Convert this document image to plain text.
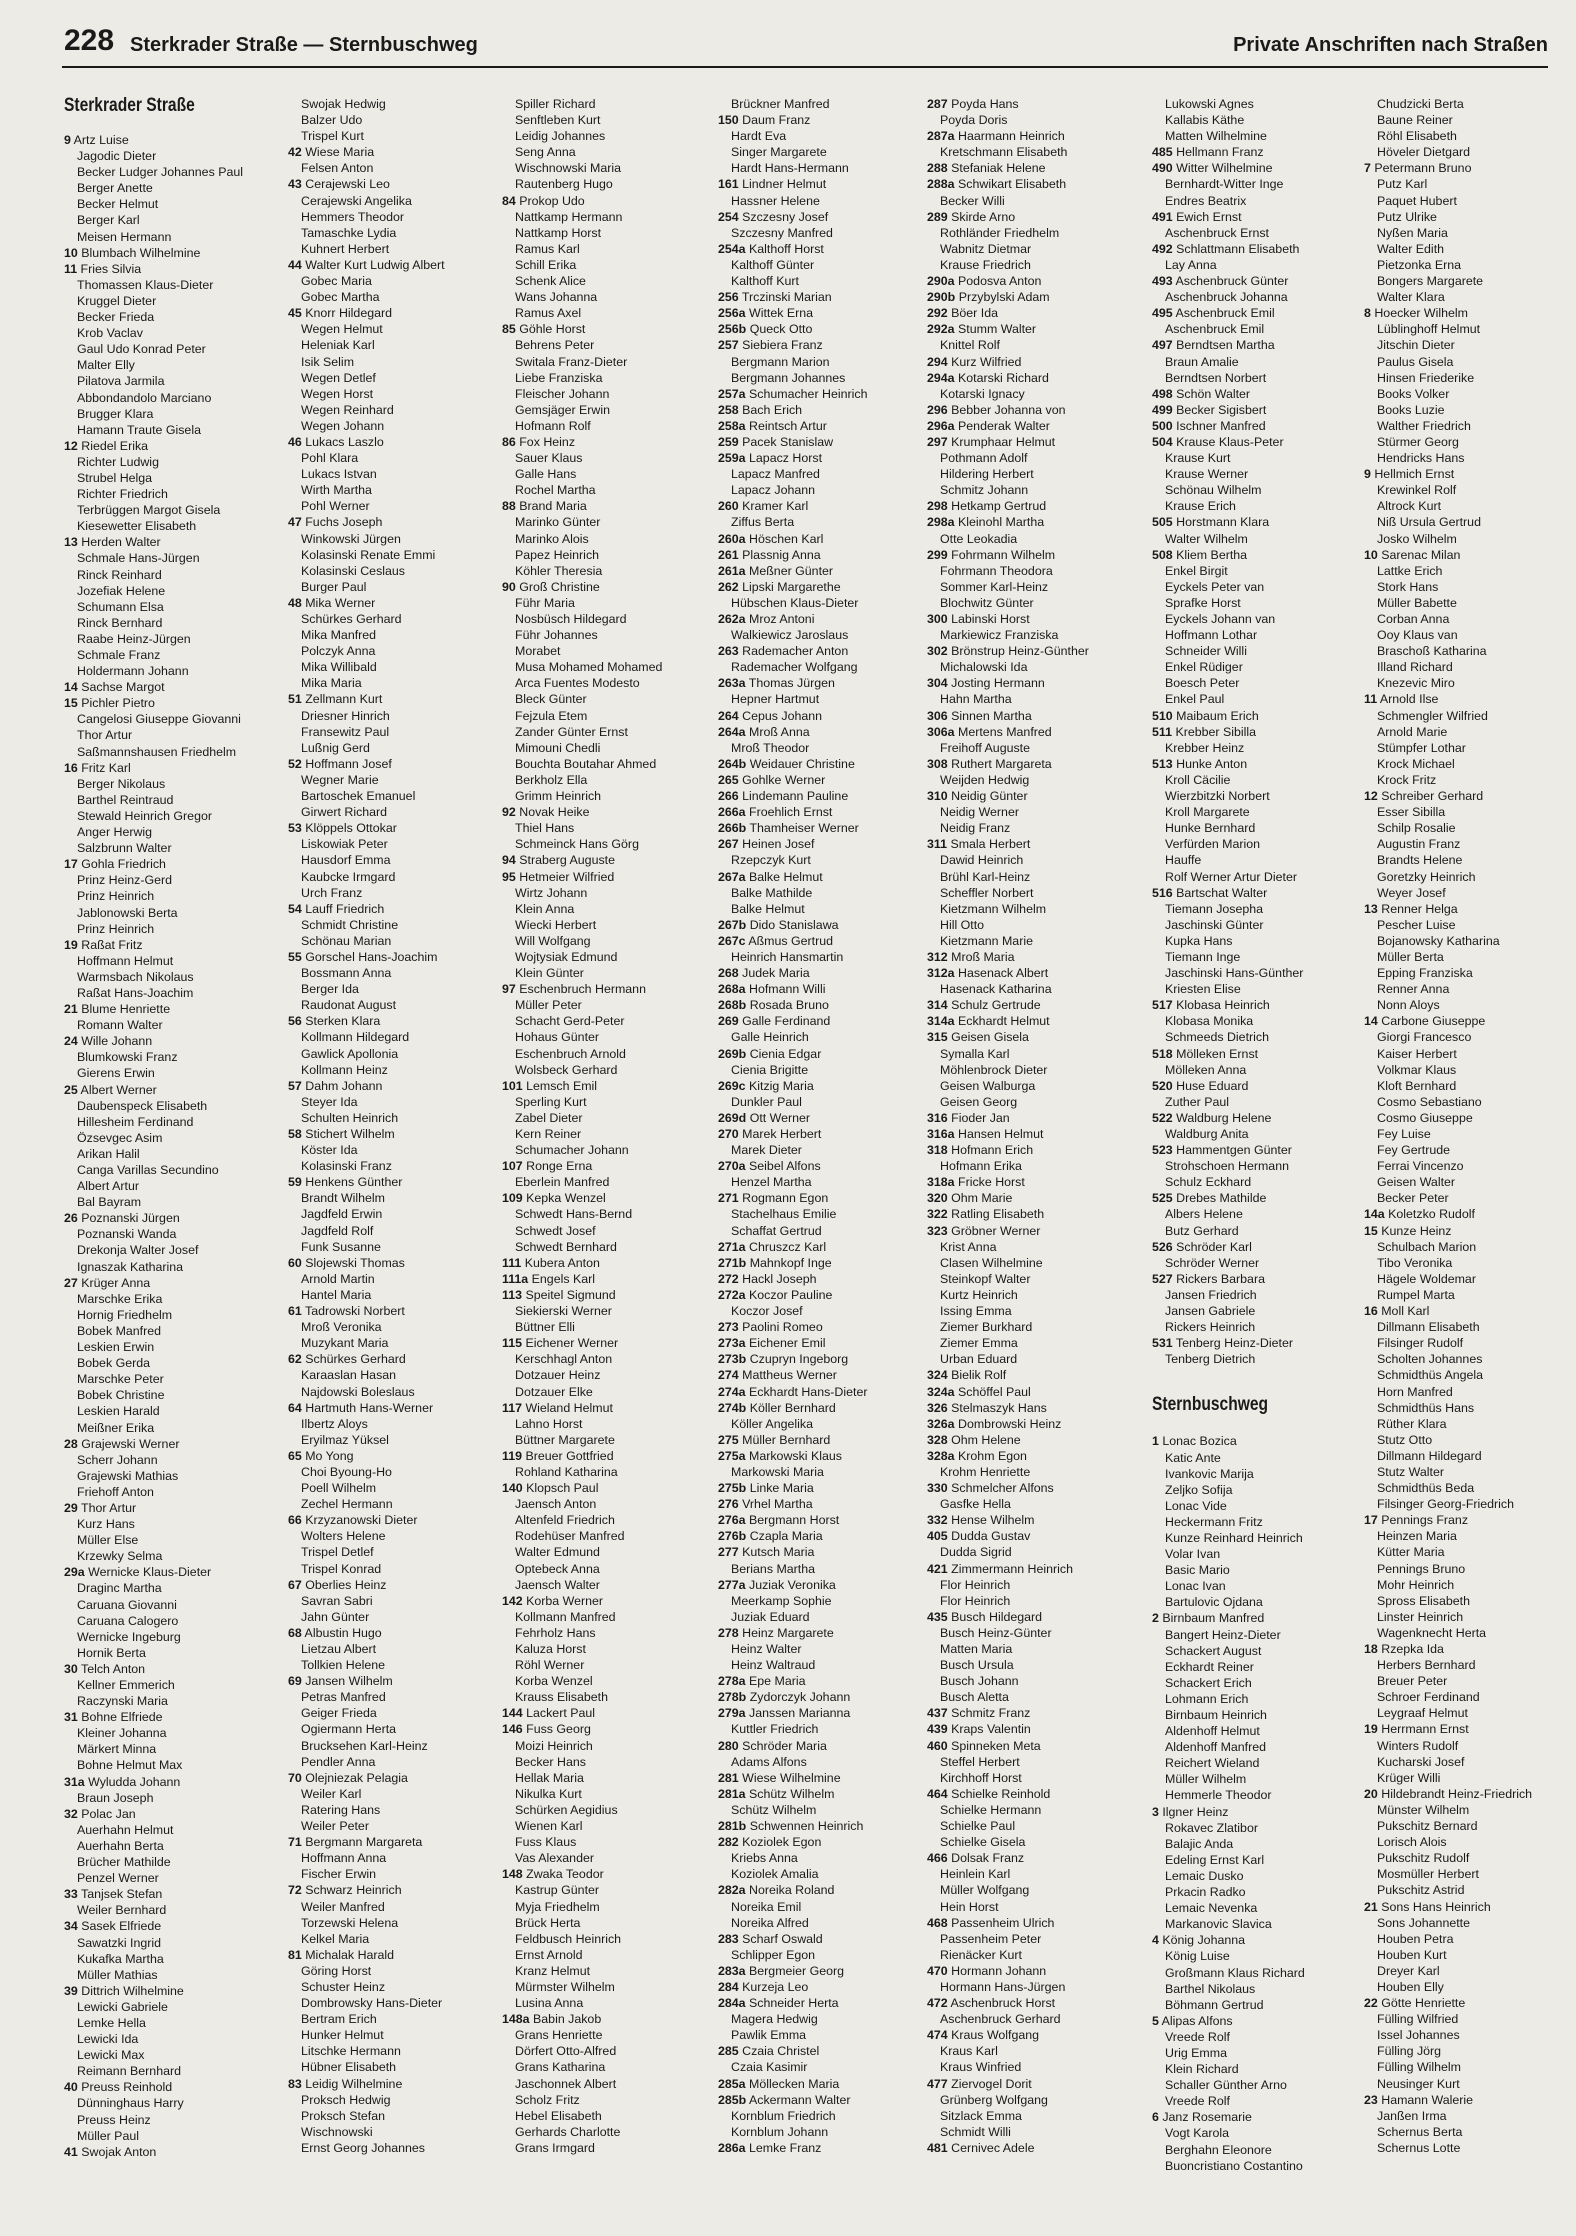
228 Sterkrader Straße — Sternbuschweg	Private Anschriften nach Straßen
Sterkrader Straße
9 Artz Luise
Jagodic Dieter
Becker Ludger Johannes Paul
Berger Anette
Becker Helmut
Berger Karl
Meisen Hermann
10 Blumbach Wilhelmine
11 Fries Silvia
Thomassen Klaus-Dieter
Kruggel Dieter
Becker Frieda
Krob Vaclav
Gaul Udo Konrad Peter
Malter Elly
Pilatova Jarmila
Abbondandolo Marciano
Brugger Klara
Hamann Traute Gisela
12 Riedel Erika
Richter Ludwig
Strubel Helga
Richter Friedrich
Terbrüggen Margot Gisela
Kiesewetter Elisabeth
13 Herden Walter
Schmale Hans-Jürgen
Rinck Reinhard
Jozefiak Helene
Schumann Elsa
Rinck Bernhard
Raabe Heinz-Jürgen
Schmale Franz
Holdermann Johann
14 Sachse Margot
15 Pichler Pietro
Cangelosi Giuseppe Giovanni
Thor Artur
Saßmannshausen Friedhelm
16 Fritz Karl
Berger Nikolaus
Barthel Reintraud
Stewald Heinrich Gregor
Anger Herwig
Salzbrunn Walter
17 Gohla Friedrich
Prinz Heinz-Gerd
Prinz Heinrich
Jablonowski Berta
Prinz Heinrich
19 Raßat Fritz
Hoffmann Helmut
Warmsbach Nikolaus
Raßat Hans-Joachim
21 Blume Henriette
Romann Walter
24 Wille Johann
Blumkowski Franz
Gierens Erwin
25 Albert Werner
Daubenspeck Elisabeth
Hillesheim Ferdinand
Özsevgec Asim
Arikan Halil
Canga Varillas Secundino
Albert Artur
Bal Bayram
26 Poznanski Jürgen
Poznanski Wanda
Drekonja Walter Josef
Ignaszak Katharina
27 Krüger Anna
Marschke Erika
Hornig Friedhelm
Bobek Manfred
Leskien Erwin
Bobek Gerda
Marschke Peter
Bobek Christine
Leskien Harald
Meißner Erika
28 Grajewski Werner
Scherr Johann
Grajewski Mathias
Friehoff Anton
29 Thor Artur
Kurz Hans
Müller Else
Krzewky Selma
29a Wernicke Klaus-Dieter
Draginc Martha
Caruana Giovanni
Caruana Calogero
Wernicke Ingeburg
Hornik Berta
30 Telch Anton
Kellner Emmerich
Raczynski Maria
31 Bohne Elfriede
Kleiner Johanna
Märkert Minna
Bohne Helmut Max
31a Wyludda Johann
Braun Joseph
32 Polac Jan
Auerhahn Helmut
Auerhahn Berta
Brücher Mathilde
Penzel Werner
33 Tanjsek Stefan
Weiler Bernhard
34 Sasek Elfriede
Sawatzki Ingrid
Kukafka Martha
Müller Mathias
39 Dittrich Wilhelmine
Lewicki Gabriele
Lemke Hella
Lewicki Ida
Lewicki Max
Reimann Bernhard
40 Preuss Reinhold
Dünninghaus Harry
Preuss Heinz
Müller Paul
41 Swojak Anton
Swojak Hedwig
Balzer Udo
Trispel Kurt
42 Wiese Maria
Felsen Anton
43 Cerajewski Leo
Cerajewski Angelika
Hemmers Theodor
Tamaschke Lydia
Kuhnert Herbert
44 Walter Kurt Ludwig Albert
Gobec Maria
Gobec Martha
45 Knorr Hildegard
Wegen Helmut
Heleniak Karl
Isik Selim
Wegen Detlef
Wegen Horst
Wegen Reinhard
Wegen Johann
46 Lukacs Laszlo
Pohl Klara
Lukacs Istvan
Wirth Martha
Pohl Werner
47 Fuchs Joseph
Winkowski Jürgen
Kolasinski Renate Emmi
Kolasinski Ceslaus
Burger Paul
48 Mika Werner
Schürkes Gerhard
Mika Manfred
Polczyk Anna
Mika Willibald
Mika Maria
51 Zellmann Kurt
Driesner Hinrich
Fransewitz Paul
Lußnig Gerd
52 Hoffmann Josef
Wegner Marie
Bartoschek Emanuel
Girwert Richard
53 Klöppels Ottokar
Liskowiak Peter
Hausdorf Emma
Kaubcke Irmgard
Urch Franz
54 Lauff Friedrich
Schmidt Christine
Schönau Marian
55 Gorschel Hans-Joachim
Bossmann Anna
Berger Ida
Raudonat August
56 Sterken Klara
Kollmann Hildegard
Gawlick Apollonia
Kollmann Heinz
57 Dahm Johann
Steyer Ida
Schulten Heinrich
58 Stichert Wilhelm
Köster Ida
Kolasinski Franz
59 Henkens Günther
Brandt Wilhelm
Jagdfeld Erwin
Jagdfeld Rolf
Funk Susanne
60 Slojewski Thomas
Arnold Martin
Hantel Maria
61 Tadrowski Norbert
Mroß Veronika
Muzykant Maria
62 Schürkes Gerhard
Karaaslan Hasan
Najdowski Boleslaus
64 Hartmuth Hans-Werner
Ilbertz Aloys
Eryilmaz Yüksel
65 Mo Yong
Choi Byoung-Ho
Poell Wilhelm
Zechel Hermann
66 Krzyzanowski Dieter
Wolters Helene
Trispel Detlef
Trispel Konrad
67 Oberlies Heinz
Savran Sabri
Jahn Günter
68 Albustin Hugo
Lietzau Albert
Tollkien Helene
69 Jansen Wilhelm
Petras Manfred
Geiger Frieda
Ogiermann Herta
Brucksehen Karl-Heinz
Pendler Anna
70 Olejniezak Pelagia
Weiler Karl
Ratering Hans
Weiler Peter
71 Bergmann Margareta
Hoffmann Anna
Fischer Erwin
72 Schwarz Heinrich
Weiler Manfred
Torzewski Helena
Kelkel Maria
81 Michalak Harald
Göring Horst
Schuster Heinz
Dombrowsky Hans-Dieter
Bertram Erich
Hunker Helmut
Litschke Hermann
Hübner Elisabeth
83 Leidig Wilhelmine
Proksch Hedwig
Proksch Stefan
Wischnowski
Ernst Georg Johannes
Spiller Richard
Senftleben Kurt
Leidig Johannes
Seng Anna
Wischnowski Maria
Rautenberg Hugo
84 Prokop Udo
Nattkamp Hermann
Nattkamp Horst
Ramus Karl
Schill Erika
Schenk Alice
Wans Johanna
Ramus Axel
85 Göhle Horst
Behrens Peter
Switala Franz-Dieter
Liebe Franziska
Fleischer Johann
Gemsjäger Erwin
Hofmann Rolf
86 Fox Heinz
Sauer Klaus
Galle Hans
Rochel Martha
88 Brand Maria
Marinko Günter
Marinko Alois
Papez Heinrich
Köhler Theresia
90 Groß Christine
Führ Maria
Nosbüsch Hildegard
Führ Johannes
Morabet
Musa Mohamed Mohamed
Arca Fuentes Modesto
Bleck Günter
Fejzula Etem
Zander Günter Ernst
Mimouni Chedli
Bouchta Boutahar Ahmed
Berkholz Ella
Grimm Heinrich
92 Novak Heike
Thiel Hans
Schmeinck Hans Görg
94 Straberg Auguste
95 Hetmeier Wilfried
Wirtz Johann
Klein Anna
Wiecki Herbert
Will Wolfgang
Wojtysiak Edmund
Klein Günter
97 Eschenbruch Hermann
Müller Peter
Schacht Gerd-Peter
Hohaus Günter
Eschenbruch Arnold
Wolsbeck Gerhard
101 Lemsch Emil
Sperling Kurt
Zabel Dieter
Kern Reiner
Schumacher Johann
107 Ronge Erna
Eberlein Manfred
109 Kepka Wenzel
Schwedt Hans-Bernd
Schwedt Josef
Schwedt Bernhard
111 Kubera Anton
111a Engels Karl
113 Speitel Sigmund
Siekierski Werner
Büttner Elli
115 Eichener Werner
Kerschhagl Anton
Dotzauer Heinz
Dotzauer Elke
117 Wieland Helmut
Lahno Horst
Büttner Margarete
119 Breuer Gottfried
Rohland Katharina
140 Klopsch Paul
Jaensch Anton
Altenfeld Friedrich
Rodehüser Manfred
Walter Edmund
Optebeck Anna
Jaensch Walter
142 Korba Werner
Kollmann Manfred
Fehrholz Hans
Kaluza Horst
Röhl Werner
Korba Wenzel
Krauss Elisabeth
144 Lackert Paul
146 Fuss Georg
Moizi Heinrich
Becker Hans
Hellak Maria
Nikulka Kurt
Schürken Aegidius
Wienen Karl
Fuss Klaus
Vas Alexander
148 Zwaka Teodor
Kastrup Günter
Myja Friedhelm
Brück Herta
Feldbusch Heinrich
Ernst Arnold
Kranz Helmut
Mürmster Wilhelm
Lusina Anna
148a Babin Jakob
Grans Henriette
Dörfert Otto-Alfred
Grans Katharina
Jaschonnek Albert
Scholz Fritz
Hebel Elisabeth
Gerhards Charlotte
Grans Irmgard
Brückner Manfred
150 Daum Franz
Hardt Eva
Singer Margarete
Hardt Hans-Hermann
161 Lindner Helmut
Hassner Helene
254 Szczesny Josef
Szczesny Manfred
254a Kalthoff Horst
Kalthoff Günter
Kalthoff Kurt
256 Trczinski Marian
256a Wittek Erna
256b Queck Otto
257 Siebiera Franz
Bergmann Marion
Bergmann Johannes
257a Schumacher Heinrich
258 Bach Erich
258a Reintsch Artur
259 Pacek Stanislaw
259a Lapacz Horst
Lapacz Manfred
Lapacz Johann
260 Kramer Karl
Ziffus Berta
260a Höschen Karl
261 Plassnig Anna
261a Meßner Günter
262 Lipski Margarethe
Hübschen Klaus-Dieter
262a Mroz Antoni
Walkiewicz Jaroslaus
263 Rademacher Anton
Rademacher Wolfgang
263a Thomas Jürgen
Hepner Hartmut
264 Cepus Johann
264a Mroß Anna
Mroß Theodor
264b Weidauer Christine
265 Gohlke Werner
266 Lindemann Pauline
266a Froehlich Ernst
266b Thamheiser Werner
267 Heinen Josef
Rzepczyk Kurt
267a Balke Helmut
Balke Mathilde
Balke Helmut
267b Dido Stanislawa
267c Aßmus Gertrud
Heinrich Hansmartin
268 Judek Maria
268a Hofmann Willi
268b Rosada Bruno
269 Galle Ferdinand
Galle Heinrich
269b Cienia Edgar
Cienia Brigitte
269c Kitzig Maria
Dunkler Paul
269d Ott Werner
270 Marek Herbert
Marek Dieter
270a Seibel Alfons
Henzel Martha
271 Rogmann Egon
Stachelhaus Emilie
Schaffat Gertrud
271a Chruszcz Karl
271b Mahnkopf Inge
272 Hackl Joseph
272a Koczor Pauline
Koczor Josef
273 Paolini Romeo
273a Eichener Emil
273b Czupryn Ingeborg
274 Mattheus Werner
274a Eckhardt Hans-Dieter
274b Köller Bernhard
Köller Angelika
275 Müller Bernhard
275a Markowski Klaus
Markowski Maria
275b Linke Maria
276 Vrhel Martha
276a Bergmann Horst
276b Czapla Maria
277 Kutsch Maria
Berians Martha
277a Juziak Veronika
Meerkamp Sophie
Juziak Eduard
278 Heinz Margarete
Heinz Walter
Heinz Waltraud
278a Epe Maria
278b Zydorczyk Johann
279a Janssen Marianna
Kuttler Friedrich
280 Schröder Maria
Adams Alfons
281 Wiese Wilhelmine
281a Schütz Wilhelm
Schütz Wilhelm
281b Schwennen Heinrich
282 Koziolek Egon
Kriebs Anna
Koziolek Amalia
282a Noreika Roland
Noreika Emil
Noreika Alfred
283 Scharf Oswald
Schlipper Egon
283a Bergmeier Georg
284 Kurzeja Leo
284a Schneider Herta
Magera Hedwig
Pawlik Emma
285 Czaia Christel
Czaia Kasimir
285a Möllecken Maria
285b Ackermann Walter
Kornblum Friedrich
Kornblum Johann
286a Lemke Franz
287 Poyda Hans
Poyda Doris
287a Haarmann Heinrich
Kretschmann Elisabeth
288 Stefaniak Helene
288a Schwikart Elisabeth
Becker Willi
289 Skirde Arno
Rothländer Friedhelm
Wabnitz Dietmar
Krause Friedrich
290a Podosva Anton
290b Przybylski Adam
292 Böer Ida
292a Stumm Walter
Knittel Rolf
294 Kurz Wilfried
294a Kotarski Richard
Kotarski Ignacy
296 Bebber Johanna von
296a Penderak Walter
297 Krumphaar Helmut
Pothmann Adolf
Hildering Herbert
Schmitz Johann
298 Hetkamp Gertrud
298a Kleinohl Martha
Otte Leokadia
299 Fohrmann Wilhelm
Fohrmann Theodora
Sommer Karl-Heinz
Blochwitz Günter
300 Labinski Horst
Markiewicz Franziska
302 Brönstrup Heinz-Günther
Michalowski Ida
304 Josting Hermann
Hahn Martha
306 Sinnen Martha
306a Mertens Manfred
Freihoff Auguste
308 Ruthert Margareta
Weijden Hedwig
310 Neidig Günter
Neidig Werner
Neidig Franz
311 Smala Herbert
Dawid Heinrich
Brühl Karl-Heinz
Scheffler Norbert
Kietzmann Wilhelm
Hill Otto
Kietzmann Marie
312 Mroß Maria
312a Hasenack Albert
Hasenack Katharina
314 Schulz Gertrude
314a Eckhardt Helmut
315 Geisen Gisela
Symalla Karl
Möhlenbrock Dieter
Geisen Walburga
Geisen Georg
316 Fioder Jan
316a Hansen Helmut
318 Hofmann Erich
Hofmann Erika
318a Fricke Horst
320 Ohm Marie
322 Ratling Elisabeth
323 Gröbner Werner
Krist Anna
Clasen Wilhelmine
Steinkopf Walter
Kurtz Heinrich
Issing Emma
Ziemer Burkhard
Ziemer Emma
Urban Eduard
324 Bielik Rolf
324a Schöffel Paul
326 Stelmaszyk Hans
326a Dombrowski Heinz
328 Ohm Helene
328a Krohm Egon
Krohm Henriette
330 Schmelcher Alfons
Gasfke Hella
332 Hense Wilhelm
405 Dudda Gustav
Dudda Sigrid
421 Zimmermann Heinrich
Flor Heinrich
Flor Heinrich
435 Busch Hildegard
Busch Heinz-Günter
Matten Maria
Busch Ursula
Busch Johann
Busch Aletta
437 Schmitz Franz
439 Kraps Valentin
460 Spinneken Meta
Steffel Herbert
Kirchhoff Horst
464 Schielke Reinhold
Schielke Hermann
Schielke Paul
Schielke Gisela
466 Dolsak Franz
Heinlein Karl
Müller Wolfgang
Hein Horst
468 Passenheim Ulrich
Passenheim Peter
Rienäcker Kurt
470 Hormann Johann
Hormann Hans-Jürgen
472 Aschenbruck Horst
Aschenbruck Gerhard
474 Kraus Wolfgang
Kraus Karl
Kraus Winfried
477 Ziervogel Dorit
Grünberg Wolfgang
Sitzlack Emma
Schmidt Willi
481 Cernivec Adele
Lukowski Agnes
Kallabis Käthe
Matten Wilhelmine
485 Hellmann Franz
490 Witter Wilhelmine
Bernhardt-Witter Inge
Endres Beatrix
491 Ewich Ernst
Aschenbruck Ernst
492 Schlattmann Elisabeth
Lay Anna
493 Aschenbruck Günter
Aschenbruck Johanna
495 Aschenbruck Emil
Aschenbruck Emil
497 Berndtsen Martha
Braun Amalie
Berndtsen Norbert
498 Schön Walter
499 Becker Sigisbert
500 Ischner Manfred
504 Krause Klaus-Peter
Krause Kurt
Krause Werner
Schönau Wilhelm
Krause Erich
505 Horstmann Klara
Walter Wilhelm
508 Kliem Bertha
Enkel Birgit
Eyckels Peter van
Sprafke Horst
Eyckels Johann van
Hoffmann Lothar
Schneider Willi
Enkel Rüdiger
Boesch Peter
Enkel Paul
510 Maibaum Erich
511 Krebber Sibilla
Krebber Heinz
513 Hunke Anton
Kroll Cäcilie
Wierzbitzki Norbert
Kroll Margarete
Hunke Bernhard
Verfürden Marion
Hauffe
Rolf Werner Artur Dieter
516 Bartschat Walter
Tiemann Josepha
Jaschinski Günter
Kupka Hans
Tiemann Inge
Jaschinski Hans-Günther
Kriesten Elise
517 Klobasa Heinrich
Klobasa Monika
Schmeeds Dietrich
518 Mölleken Ernst
Mölleken Anna
520 Huse Eduard
Zuther Paul
522 Waldburg Helene
Waldburg Anita
523 Hammentgen Günter
Strohschoen Hermann
Schulz Eckhard
525 Drebes Mathilde
Albers Helene
Butz Gerhard
526 Schröder Karl
Schröder Werner
527 Rickers Barbara
Jansen Friedrich
Jansen Gabriele
Rickers Heinrich
531 Tenberg Heinz-Dieter
Tenberg Dietrich
Sternbuschweg
1 Lonac Bozica
Katic Ante
Ivankovic Marija
Zeljko Sofija
Lonac Vide
Heckermann Fritz
Kunze Reinhard Heinrich
Volar Ivan
Basic Mario
Lonac Ivan
Bartulovic Ojdana
2 Birnbaum Manfred
Bangert Heinz-Dieter
Schackert August
Eckhardt Reiner
Schackert Erich
Lohmann Erich
Birnbaum Heinrich
Aldenhoff Helmut
Aldenhoff Manfred
Reichert Wieland
Müller Wilhelm
Hemmerle Theodor
3 Ilgner Heinz
Rokavec Zlatibor
Balajic Anda
Edeling Ernst Karl
Lemaic Dusko
Prkacin Radko
Lemaic Nevenka
Markanovic Slavica
4 König Johanna
König Luise
Großmann Klaus Richard
Barthel Nikolaus
Böhmann Gertrud
5 Alipas Alfons
Vreede Rolf
Urig Emma
Klein Richard
Schaller Günther Arno
Vreede Rolf
6 Janz Rosemarie
Vogt Karola
Berghahn Eleonore
Buoncristiano Costantino
Chudzicki Berta
Baune Reiner
Röhl Elisabeth
Höveler Dietgard
7 Petermann Bruno
Putz Karl
Paquet Hubert
Putz Ulrike
Nyßen Maria
Walter Edith
Pietzonka Erna
Bongers Margarete
Walter Klara
8 Hoecker Wilhelm
Lüblinghoff Helmut
Jitschin Dieter
Paulus Gisela
Hinsen Friederike
Books Volker
Books Luzie
Walther Friedrich
Stürmer Georg
Hendricks Hans
9 Hellmich Ernst
Krewinkel Rolf
Altrock Kurt
Niß Ursula Gertrud
Josko Wilhelm
10 Sarenac Milan
Lattke Erich
Stork Hans
Müller Babette
Corban Anna
Ooy Klaus van
Braschoß Katharina
Illand Richard
Knezevic Miro
11 Arnold Ilse
Schmengler Wilfried
Arnold Marie
Stümpfer Lothar
Krock Michael
Krock Fritz
12 Schreiber Gerhard
Esser Sibilla
Schilp Rosalie
Augustin Franz
Brandts Helene
Goretzky Heinrich
Weyer Josef
13 Renner Helga
Pescher Luise
Bojanowsky Katharina
Müller Berta
Epping Franziska
Renner Anna
Nonn Aloys
14 Carbone Giuseppe
Giorgi Francesco
Kaiser Herbert
Volkmar Klaus
Kloft Bernhard
Cosmo Sebastiano
Cosmo Giuseppe
Fey Luise
Fey Gertrude
Ferrai Vincenzo
Geisen Walter
Becker Peter
14a Koletzko Rudolf
15 Kunze Heinz
Schulbach Marion
Tibo Veronika
Hägele Woldemar
Rumpel Marta
16 Moll Karl
Dillmann Elisabeth
Filsinger Rudolf
Scholten Johannes
Schmidthüs Angela
Horn Manfred
Schmidthüs Hans
Rüther Klara
Stutz Otto
Dillmann Hildegard
Stutz Walter
Schmidthüs Beda
Filsinger Georg-Friedrich
17 Pennings Franz
Heinzen Maria
Kütter Maria
Pennings Bruno
Mohr Heinrich
Spross Elisabeth
Linster Heinrich
Wagenknecht Herta
18 Rzepka Ida
Herbers Bernhard
Breuer Peter
Schroer Ferdinand
Leygraaf Helmut
19 Herrmann Ernst
Winters Rudolf
Kucharski Josef
Krüger Willi
20 Hildebrandt Heinz-Friedrich
Münster Wilhelm
Pukschitz Bernard
Lorisch Alois
Pukschitz Rudolf
Mosmüller Herbert
Pukschitz Astrid
21 Sons Hans Heinrich
Sons Johannette
Houben Petra
Houben Kurt
Dreyer Karl
Houben Elly
22 Götte Henriette
Fülling Wilfried
Issel Johannes
Fülling Jörg
Fülling Wilhelm
Neusinger Kurt
23 Hamann Walerie
Janßen Irma
Schernus Berta
Schernus Lotte
